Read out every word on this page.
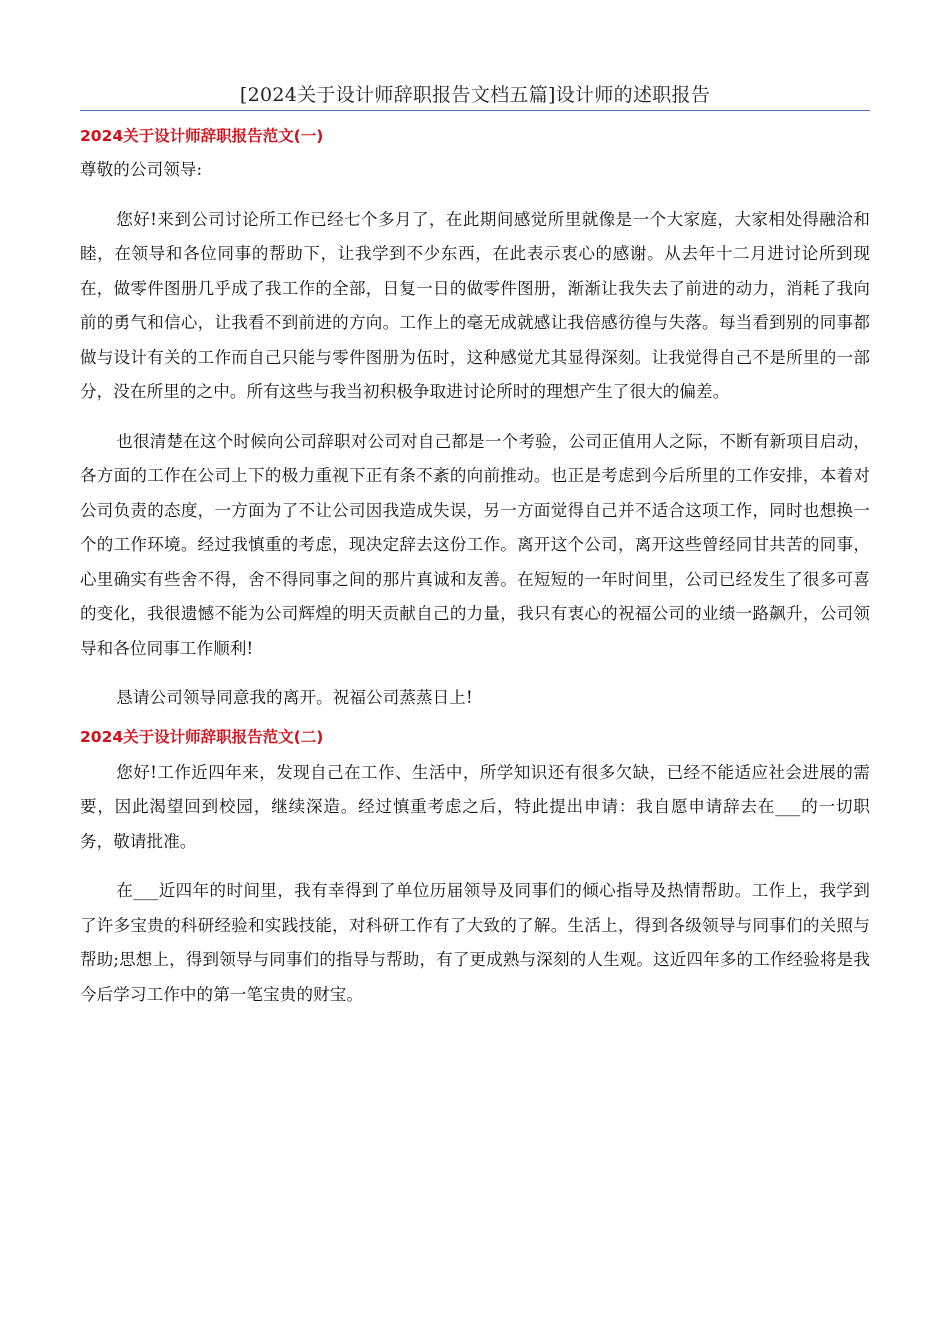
[2024关于设计师辞职报告文档五篇]设计师的述职报告
2024关于设计师辞职报告范文(一)

尊敬的公司领导:

您好!来到公司讨论所工作已经七个多月了，在此期间感觉所里就像是一个大家庭，大家相处得融洽和睦，在领导和各位同事的帮助下，让我学到不少东西，在此表示衷心的感谢。从去年十二月进讨论所到现在，做零件图册几乎成了我工作的全部，日复一日的做零件图册，渐渐让我失去了前进的动力，消耗了我向前的勇气和信心，让我看不到前进的方向。工作上的毫无成就感让我倍感彷徨与失落。每当看到别的同事都做与设计有关的工作而自己只能与零件图册为伍时，这种感觉尤其显得深刻。让我觉得自己不是所里的一部分，没在所里的之中。所有这些与我当初积极争取进讨论所时的理想产生了很大的偏差。

也很清楚在这个时候向公司辞职对公司对自己都是一个考验，公司正值用人之际，不断有新项目启动，各方面的工作在公司上下的极力重视下正有条不紊的向前推动。也正是考虑到今后所里的工作安排，本着对公司负责的态度，一方面为了不让公司因我造成失误，另一方面觉得自己并不适合这项工作，同时也想换一个的工作环境。经过我慎重的考虑，现决定辞去这份工作。离开这个公司，离开这些曾经同甘共苦的同事，心里确实有些舍不得，舍不得同事之间的那片真诚和友善。在短短的一年时间里，公司已经发生了很多可喜的变化，我很遗憾不能为公司辉煌的明天贡献自己的力量，我只有衷心的祝福公司的业绩一路飙升，公司领导和各位同事工作顺利!

恳请公司领导同意我的离开。祝福公司蒸蒸日上!

2024关于设计师辞职报告范文(二)

您好!工作近四年来，发现自己在工作、生活中，所学知识还有很多欠缺，已经不能适应社会进展的需要，因此渴望回到校园，继续深造。经过慎重考虑之后，特此提出申请：我自愿申请辞去在___的一切职务，敬请批准。

在___近四年的时间里，我有幸得到了单位历届领导及同事们的倾心指导及热情帮助。工作上，我学到了许多宝贵的科研经验和实践技能，对科研工作有了大致的了解。生活上，得到各级领导与同事们的关照与帮助;思想上，得到领导与同事们的指导与帮助，有了更成熟与深刻的人生观。这近四年多的工作经验将是我今后学习工作中的第一笔宝贵的财宝。
